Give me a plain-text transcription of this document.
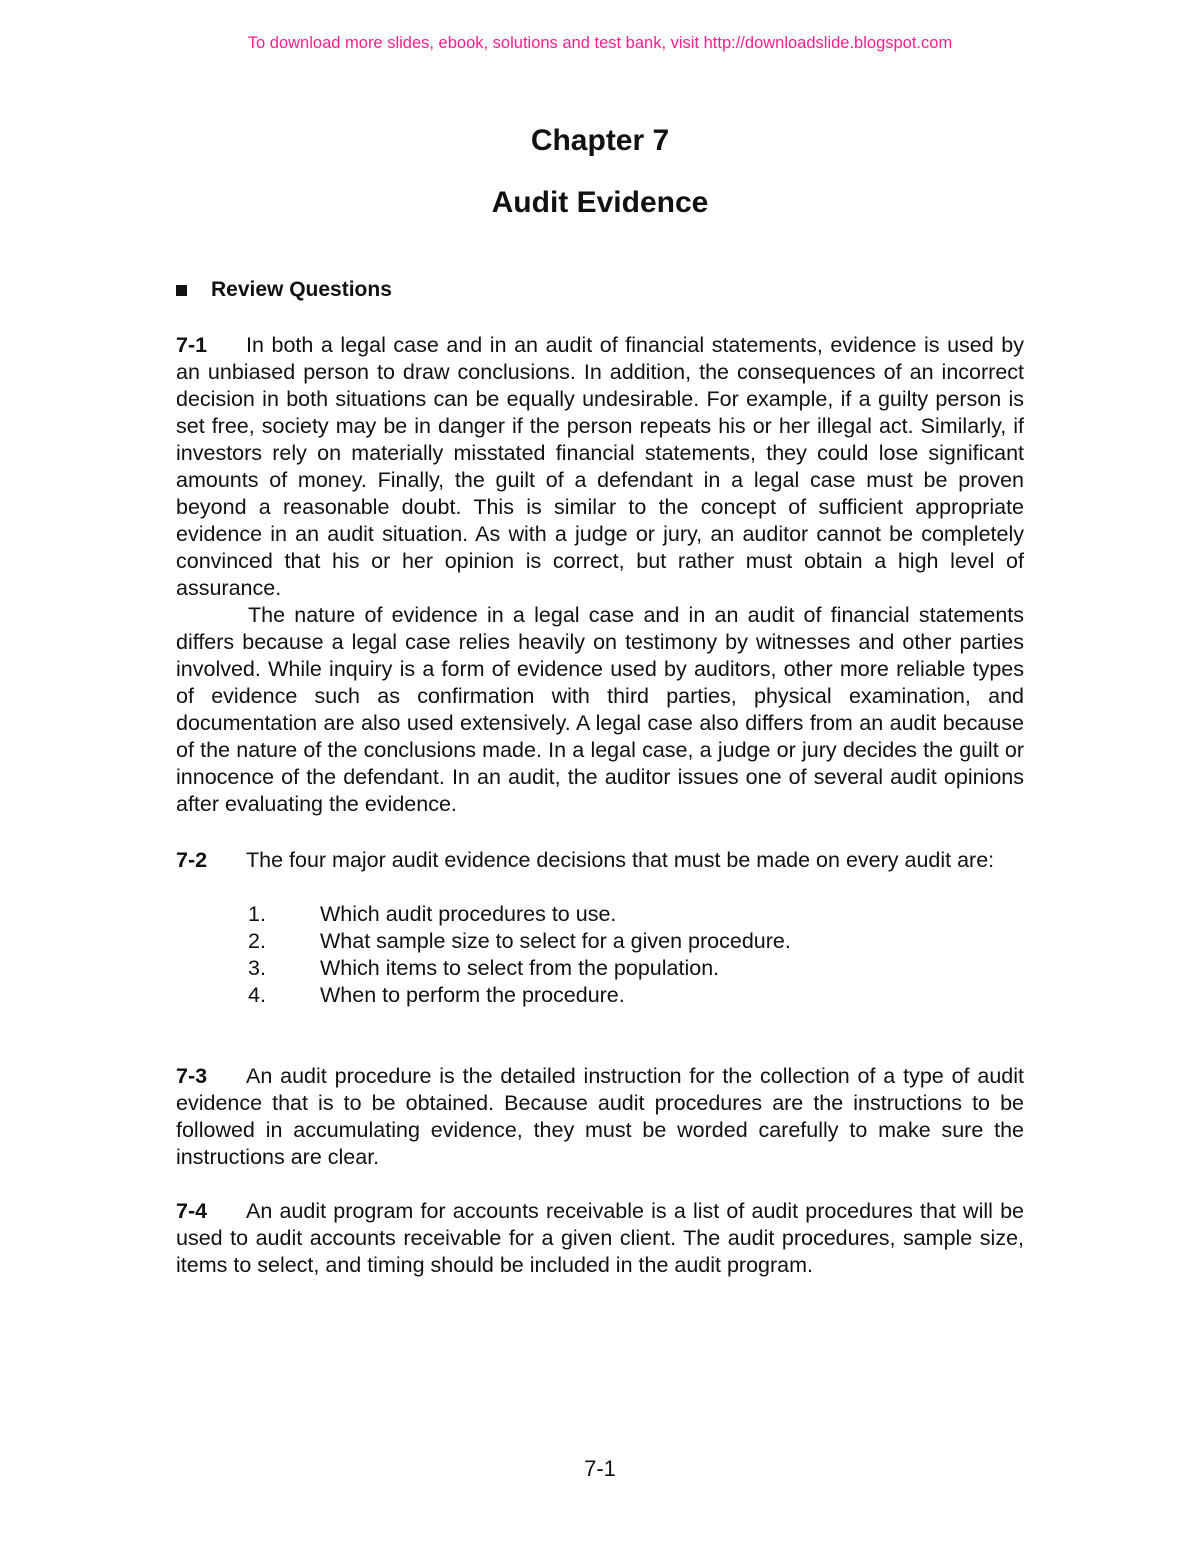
To download more slides, ebook, solutions and test bank, visit http://downloadslide.blogspot.com
Chapter 7
Audit Evidence
Review Questions

7-1 In both a legal case and in an audit of financial statements, evidence is used by an unbiased person to draw conclusions. In addition, the consequences of an incorrect decision in both situations can be equally undesirable. For example, if a guilty person is set free, society may be in danger if the person repeats his or her illegal act. Similarly, if investors rely on materially misstated financial statements, they could lose significant amounts of money. Finally, the guilt of a defendant in a legal case must be proven beyond a reasonable doubt. This is similar to the concept of sufficient appropriate evidence in an audit situation. As with a judge or jury, an auditor cannot be completely convinced that his or her opinion is correct, but rather must obtain a high level of assurance.

The nature of evidence in a legal case and in an audit of financial statements differs because a legal case relies heavily on testimony by witnesses and other parties involved. While inquiry is a form of evidence used by auditors, other more reliable types of evidence such as confirmation with third parties, physical examination, and documentation are also used extensively. A legal case also differs from an audit because of the nature of the conclusions made. In a legal case, a judge or jury decides the guilt or innocence of the defendant. In an audit, the auditor issues one of several audit opinions after evaluating the evidence.

7-2 The four major audit evidence decisions that must be made on every audit are:

1.	Which audit procedures to use.
2.	What sample size to select for a given procedure.
3.	Which items to select from the population.
4.	When to perform the procedure.

7-3 An audit procedure is the detailed instruction for the collection of a type of audit evidence that is to be obtained. Because audit procedures are the instructions to be followed in accumulating evidence, they must be worded carefully to make sure the instructions are clear.

7-4 An audit program for accounts receivable is a list of audit procedures that will be used to audit accounts receivable for a given client. The audit procedures, sample size, items to select, and timing should be included in the audit program.

7-1
